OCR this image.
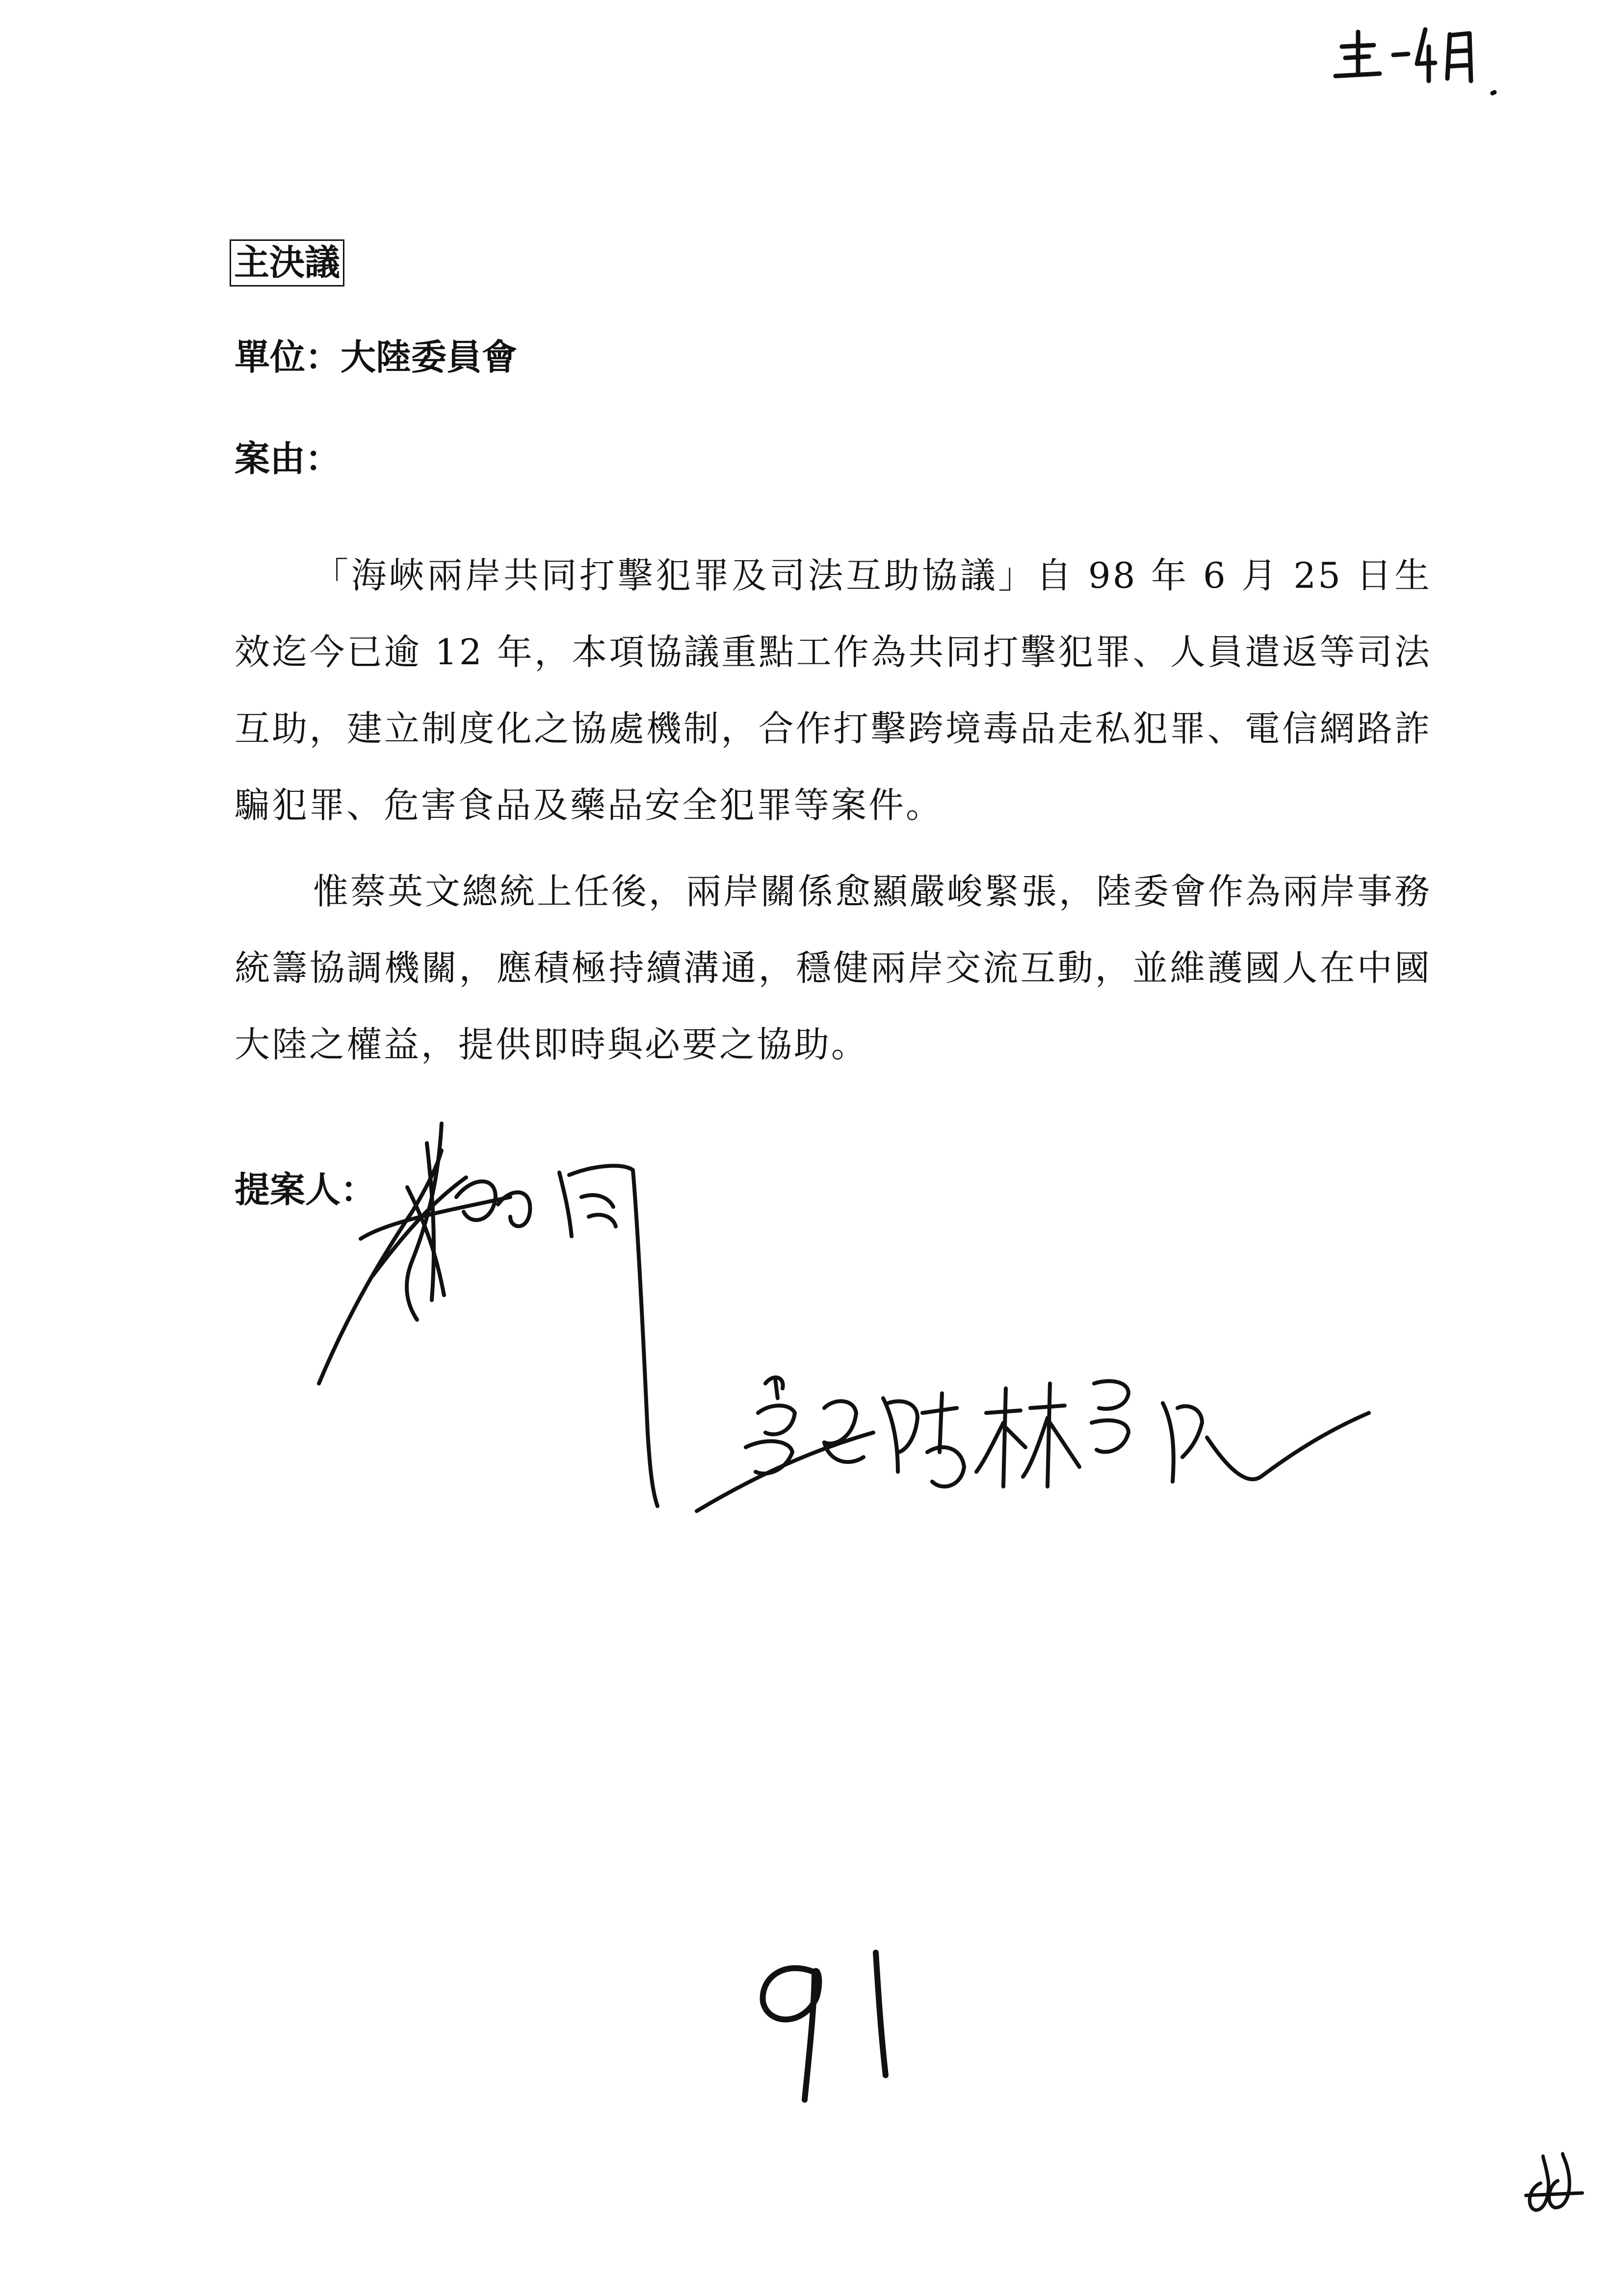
主決議
單位：大陸委員會
案由：

「海峽兩岸共同打擊犯罪及司法互助協議」自 98 年 6 月 25 日生效迄今已逾 12 年，本項協議重點工作為共同打擊犯罪、人員遣返等司法互助，建立制度化之協處機制，合作打擊跨境毒品走私犯罪、電信網路詐騙犯罪、危害食品及藥品安全犯罪等案件。

惟蔡英文總統上任後，兩岸關係愈顯嚴峻緊張，陸委會作為兩岸事務統籌協調機關，應積極持續溝通，穩健兩岸交流互動，並維護國人在中國大陸之權益，提供即時與必要之協助。

提案人：
